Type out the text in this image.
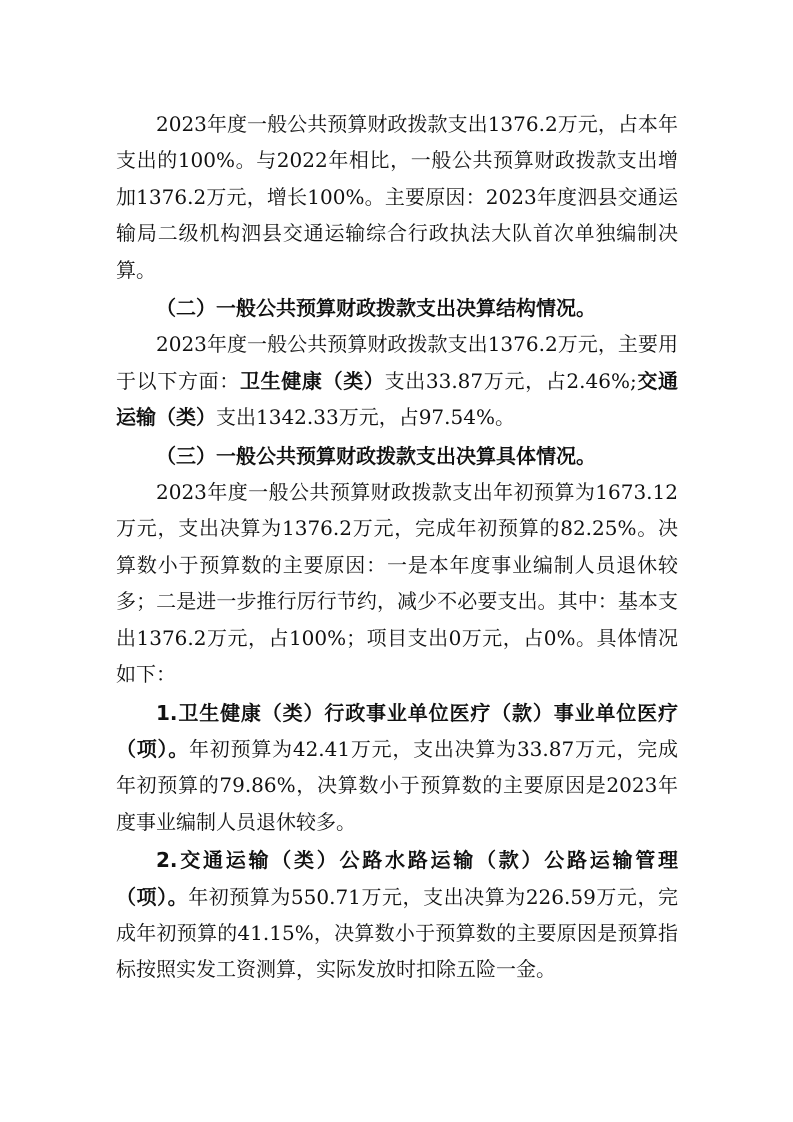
2023年度一般公共预算财政拨款支出1376.2万元，占本年支出的100%。与2022年相比，一般公共预算财政拨款支出增加1376.2万元，增长100%。主要原因：2023年度泗县交通运输局二级机构泗县交通运输综合行政执法大队首次单独编制决算。

（二）一般公共预算财政拨款支出决算结构情况。

2023年度一般公共预算财政拨款支出1376.2万元，主要用于以下方面：卫生健康（类）支出33.87万元，占2.46%;交通运输（类）支出1342.33万元，占97.54%。

（三）一般公共预算财政拨款支出决算具体情况。

2023年度一般公共预算财政拨款支出年初预算为1673.12万元，支出决算为1376.2万元，完成年初预算的82.25%。决算数小于预算数的主要原因：一是本年度事业编制人员退休较多；二是进一步推行厉行节约，减少不必要支出。其中：基本支出1376.2万元，占100%；项目支出0万元，占0%。具体情况如下：

1.卫生健康（类）行政事业单位医疗（款）事业单位医疗（项）。年初预算为42.41万元，支出决算为33.87万元，完成年初预算的79.86%，决算数小于预算数的主要原因是2023年度事业编制人员退休较多。

2.交通运输（类）公路水路运输（款）公路运输管理（项）。年初预算为550.71万元，支出决算为226.59万元，完成年初预算的41.15%，决算数小于预算数的主要原因是预算指标按照实发工资测算，实际发放时扣除五险一金。
